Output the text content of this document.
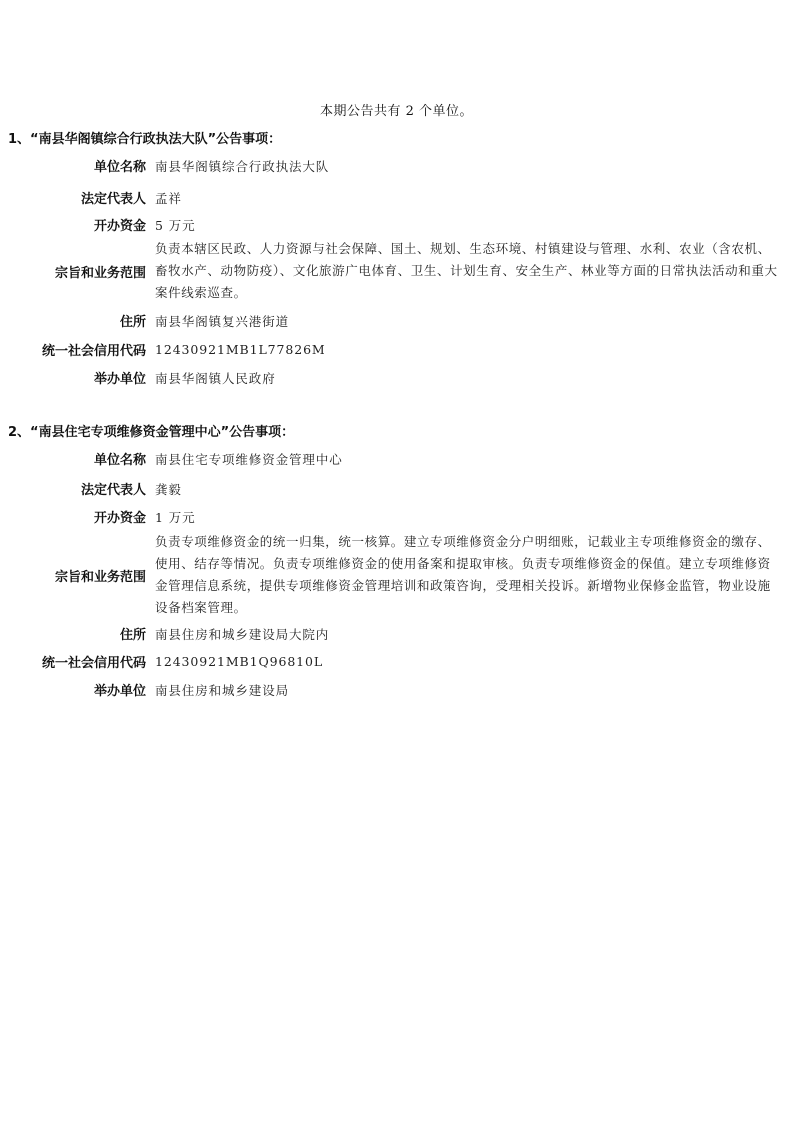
本期公告共有 2 个单位。
1、“南县华阁镇综合行政执法大队”公告事项：
单位名称 南县华阁镇综合行政执法大队
法定代表人 孟祥
开办资金 5 万元
宗旨和业务范围
负责本辖区民政、人力资源与社会保障、国土、规划、生态环境、村镇建设与管理、水利、农业（含农机、畜牧水产、动物防疫）、文化旅游广电体育、卫生、计划生育、安全生产、林业等方面的日常执法活动和重大案件线索巡查。
住所 南县华阁镇复兴港街道
统一社会信用代码 12430921MB1L77826M
举办单位 南县华阁镇人民政府
2、“南县住宅专项维修资金管理中心”公告事项：
单位名称 南县住宅专项维修资金管理中心
法定代表人 龚毅
开办资金 1 万元
宗旨和业务范围
负责专项维修资金的统一归集，统一核算。建立专项维修资金分户明细账，记载业主专项维修资金的缴存、使用、结存等情况。负责专项维修资金的使用备案和提取审核。负责专项维修资金的保值。建立专项维修资金管理信息系统，提供专项维修资金管理培训和政策咨询，受理相关投诉。新增物业保修金监管，物业设施设备档案管理。
住所 南县住房和城乡建设局大院内
统一社会信用代码 12430921MB1Q96810L
举办单位 南县住房和城乡建设局
